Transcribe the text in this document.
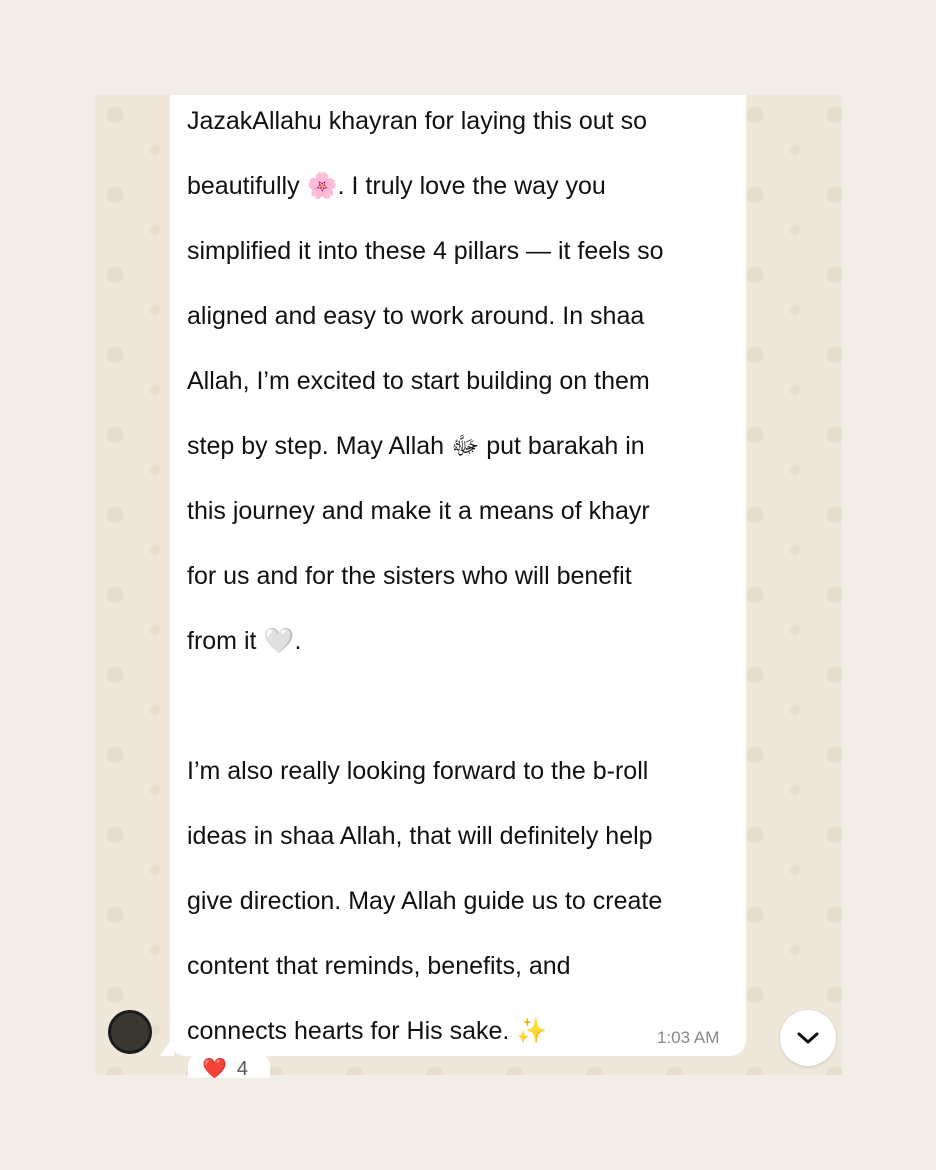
JazakAllahu khayran for laying this out so
beautifully 🌸. I truly love the way you
simplified it into these 4 pillars — it feels so
aligned and easy to work around. In shaa
Allah, I’m excited to start building on them
step by step. May Allah ﷻ put barakah in
this journey and make it a means of khayr
for us and for the sisters who will benefit
from it 🤍.
I’m also really looking forward to the b-roll
ideas in shaa Allah, that will definitely help
give direction. May Allah guide us to create
content that reminds, benefits, and
connects hearts for His sake. ✨	1:03 AM
❤️ 4
